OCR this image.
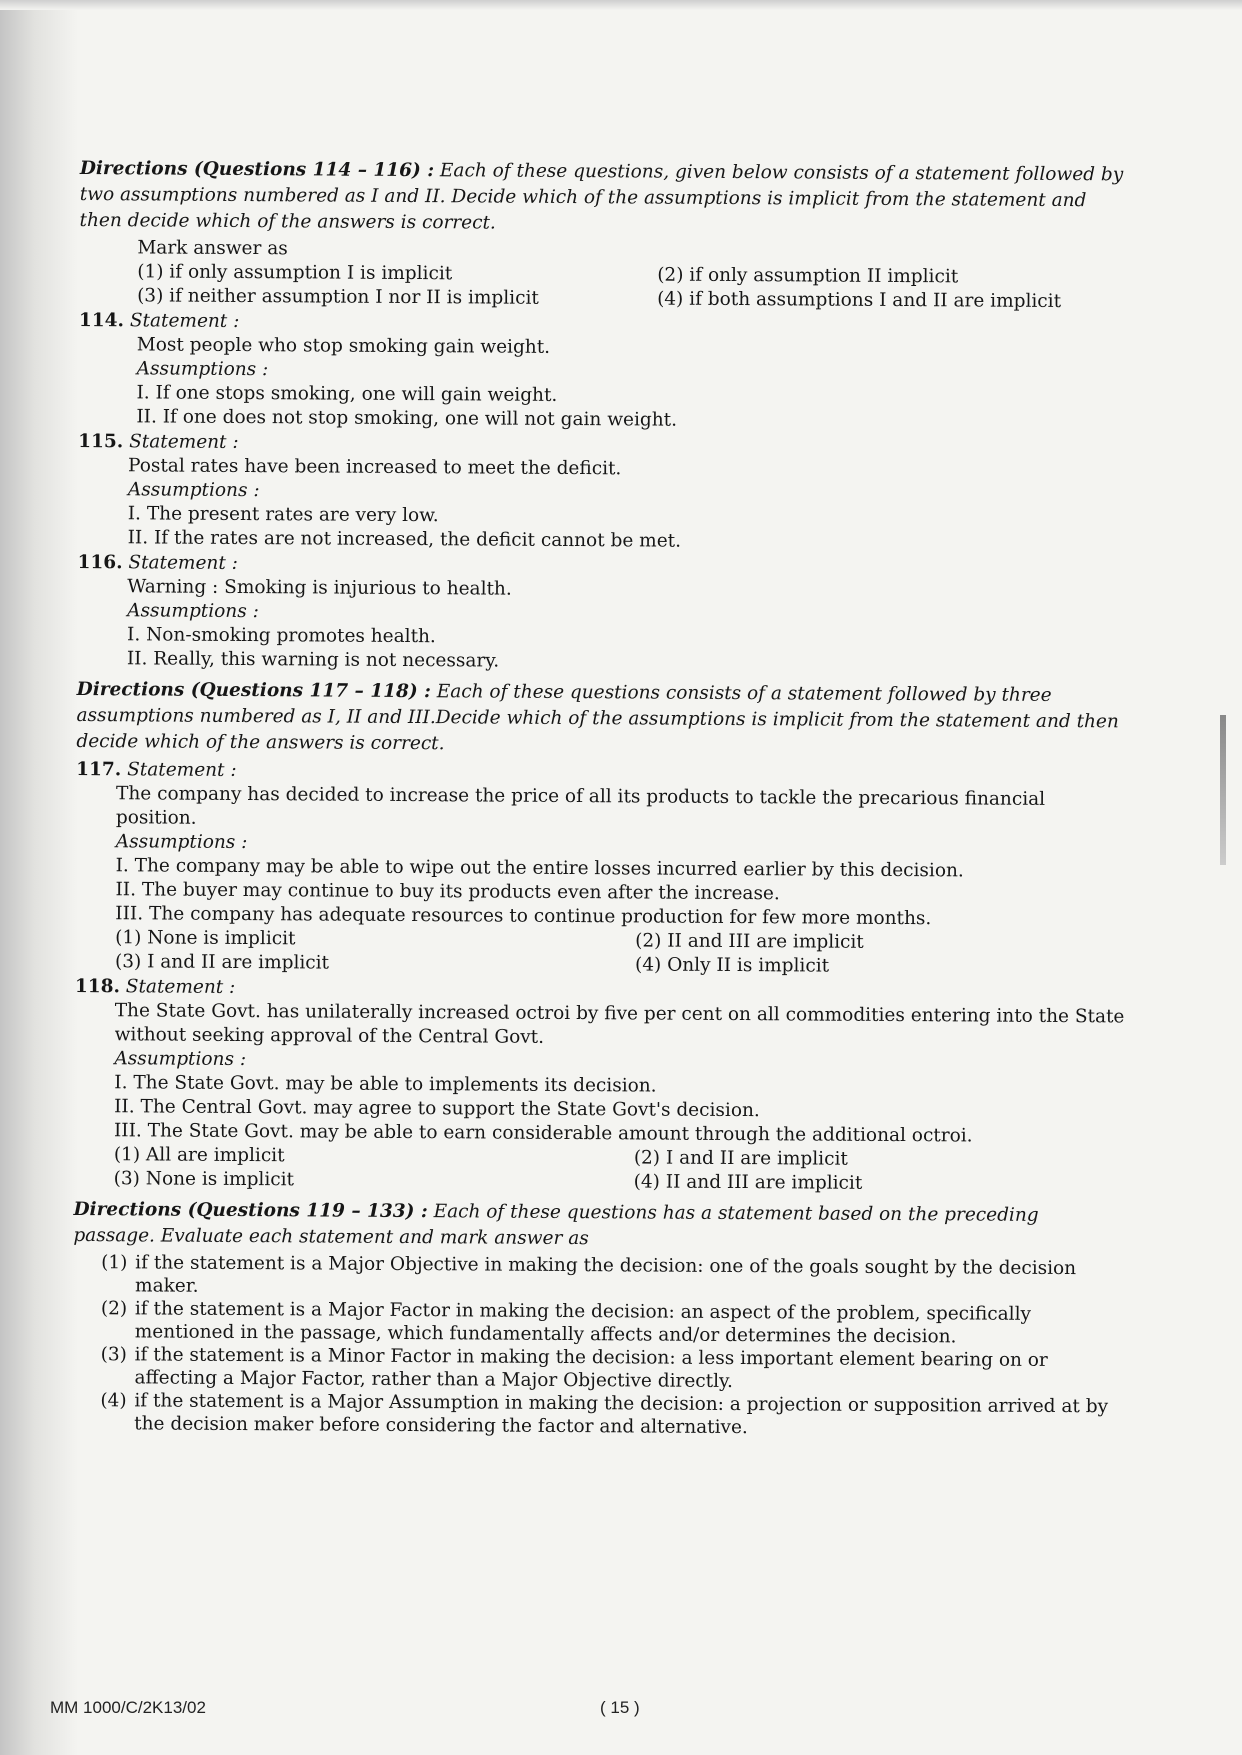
Directions (Questions 114 – 116) : Each of these questions, given below consists of a statement followed by two assumptions numbered as I and II. Decide which of the assumptions is implicit from the statement and then decide which of the answers is correct.
Mark answer as
(1) if only assumption I is implicit	(2) if only assumption II implicit
(3) if neither assumption I nor II is implicit	(4) if both assumptions I and II are implicit
114. Statement :
Most people who stop smoking gain weight.
Assumptions :
I. If one stops smoking, one will gain weight.
II. If one does not stop smoking, one will not gain weight.
115. Statement :
Postal rates have been increased to meet the deficit.
Assumptions :
I. The present rates are very low.
II. If the rates are not increased, the deficit cannot be met.
116. Statement :
Warning : Smoking is injurious to health.
Assumptions :
I. Non-smoking promotes health.
II. Really, this warning is not necessary.
Directions (Questions 117 – 118) : Each of these questions consists of a statement followed by three assumptions numbered as I, II and III.Decide which of the assumptions is implicit from the statement and then decide which of the answers is correct.
117. Statement :
The company has decided to increase the price of all its products to tackle the precarious financial position.
Assumptions :
I. The company may be able to wipe out the entire losses incurred earlier by this decision.
II. The buyer may continue to buy its products even after the increase.
III. The company has adequate resources to continue production for few more months.
(1) None is implicit	(2) II and III are implicit
(3) I and II are implicit	(4) Only II is implicit
118. Statement :
The State Govt. has unilaterally increased octroi by five per cent on all commodities entering into the State without seeking approval of the Central Govt.
Assumptions :
I. The State Govt. may be able to implements its decision.
II. The Central Govt. may agree to support the State Govt's decision.
III. The State Govt. may be able to earn considerable amount through the additional octroi.
(1) All are implicit	(2) I and II are implicit
(3) None is implicit	(4) II and III are implicit
Directions (Questions 119 – 133) : Each of these questions has a statement based on the preceding passage. Evaluate each statement and mark answer as
(1) if the statement is a Major Objective in making the decision: one of the goals sought by the decision maker.
(2) if the statement is a Major Factor in making the decision: an aspect of the problem, specifically mentioned in the passage, which fundamentally affects and/or determines the decision.
(3) if the statement is a Minor Factor in making the decision: a less important element bearing on or affecting a Major Factor, rather than a Major Objective directly.
(4) if the statement is a Major Assumption in making the decision: a projection or supposition arrived at by the decision maker before considering the factor and alternative.
MM 1000/C/2K13/02	( 15 )
